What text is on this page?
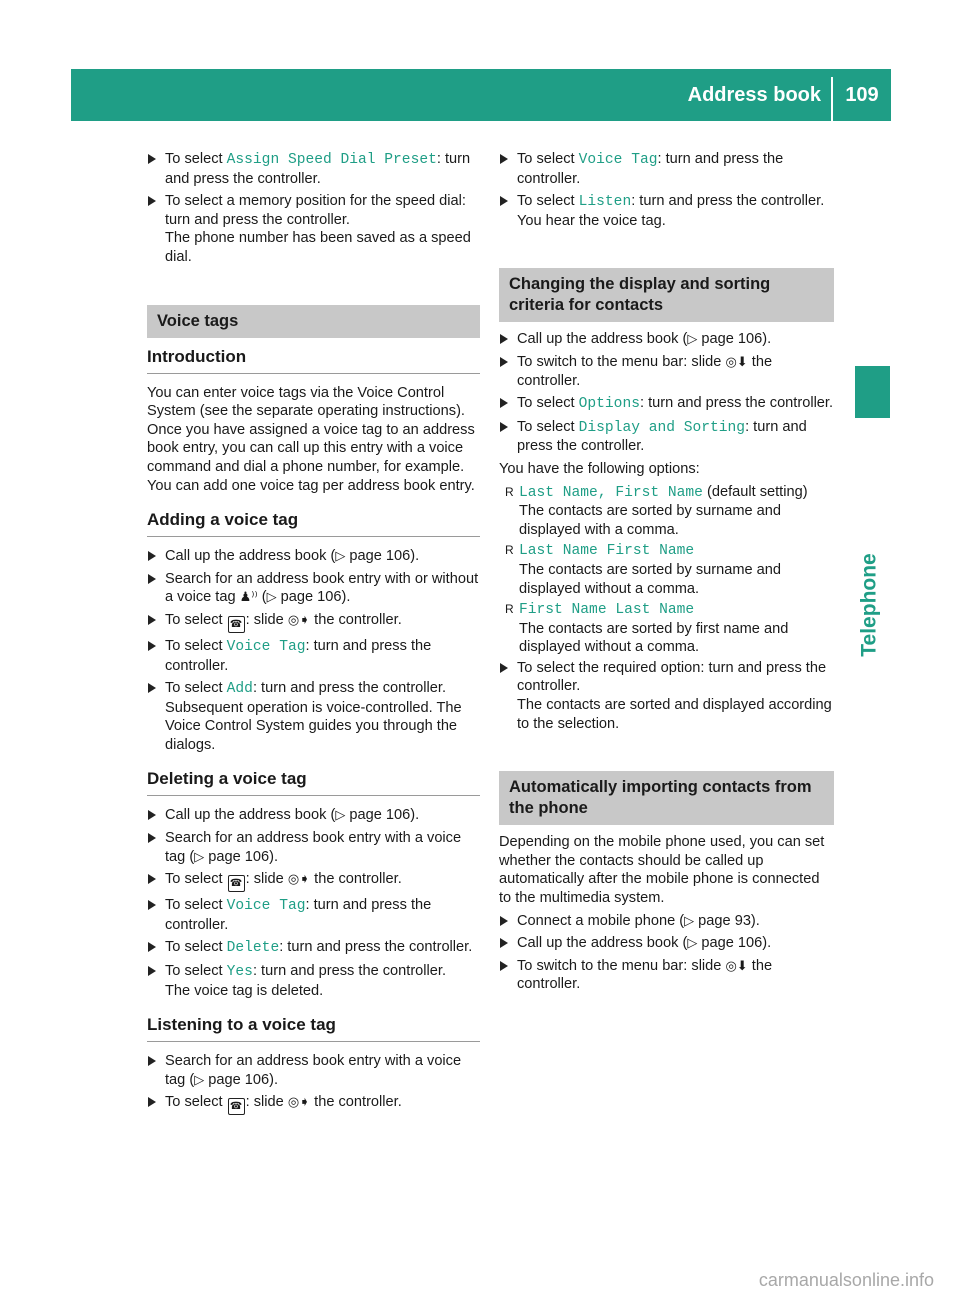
Address book	109
Telephone
To select Assign Speed Dial Preset: turn and press the controller.
To select a memory position for the speed dial: turn and press the controller.
The phone number has been saved as a speed dial.
Voice tags
Introduction

You can enter voice tags via the Voice Control System (see the separate operating instructions). Once you have assigned a voice tag to an address book entry, you can call up this entry with a voice command and dial a phone number, for example. You can add one voice tag per address book entry.

Adding a voice tag
Call up the address book (▷ page 106).
Search for an address book entry with or without a voice tag ♟⁾⁾ (▷ page 106).
To select ☎ : slide ◎➧ the controller.
To select Voice Tag: turn and press the controller.
To select Add: turn and press the controller.
Subsequent operation is voice-controlled. The Voice Control System guides you through the dialogs.
Deleting a voice tag
Call up the address book (▷ page 106).
Search for an address book entry with a voice tag (▷ page 106).
To select ☎ : slide ◎➧ the controller.
To select Voice Tag: turn and press the controller.
To select Delete: turn and press the controller.
To select Yes: turn and press the controller.
The voice tag is deleted.
Listening to a voice tag
Search for an address book entry with a voice tag (▷ page 106).
To select ☎ : slide ◎➧ the controller.
To select Voice Tag: turn and press the controller.
To select Listen: turn and press the controller.
You hear the voice tag.
Changing the display and sorting criteria for contacts
Call up the address book (▷ page 106).
To switch to the menu bar: slide ◎⬇ the controller.
To select Options: turn and press the controller.
To select Display and Sorting: turn and press the controller.

You have the following options:

R Last Name, First Name (default setting)
The contacts are sorted by surname and displayed with a comma.
R Last Name First Name
The contacts are sorted by surname and displayed without a comma.
R First Name Last Name
The contacts are sorted by first name and displayed without a comma.
To select the required option: turn and press the controller.
The contacts are sorted and displayed according to the selection.
Automatically importing contacts from the phone

Depending on the mobile phone used, you can set whether the contacts should be called up automatically after the mobile phone is connected to the multimedia system.

Connect a mobile phone (▷ page 93).
Call up the address book (▷ page 106).
To switch to the menu bar: slide ◎⬇ the controller.
carmanualsonline.info
